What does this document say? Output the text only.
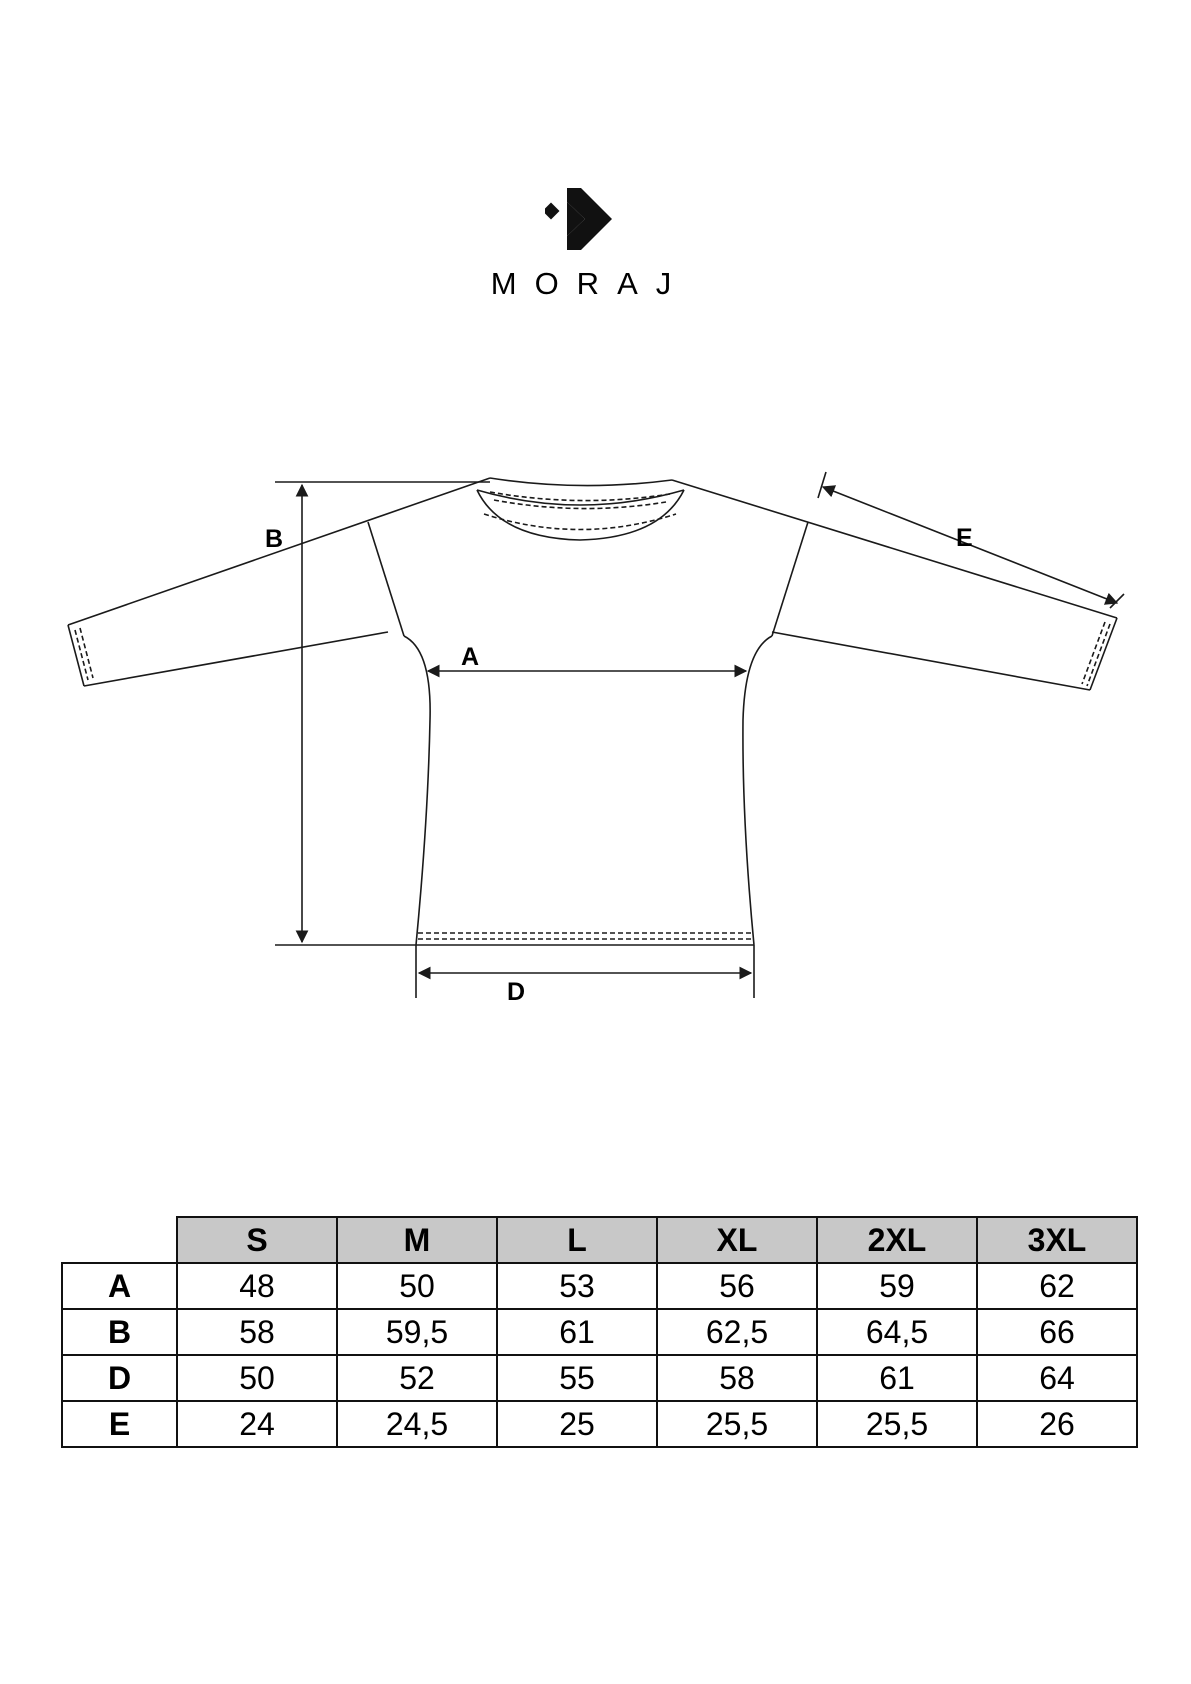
MORAJ
B
A
E
D
	S	M	L	XL	2XL	3XL
A	48	50	53	56	59	62
B	58	59,5	61	62,5	64,5	66
D	50	52	55	58	61	64
E	24	24,5	25	25,5	25,5	26
